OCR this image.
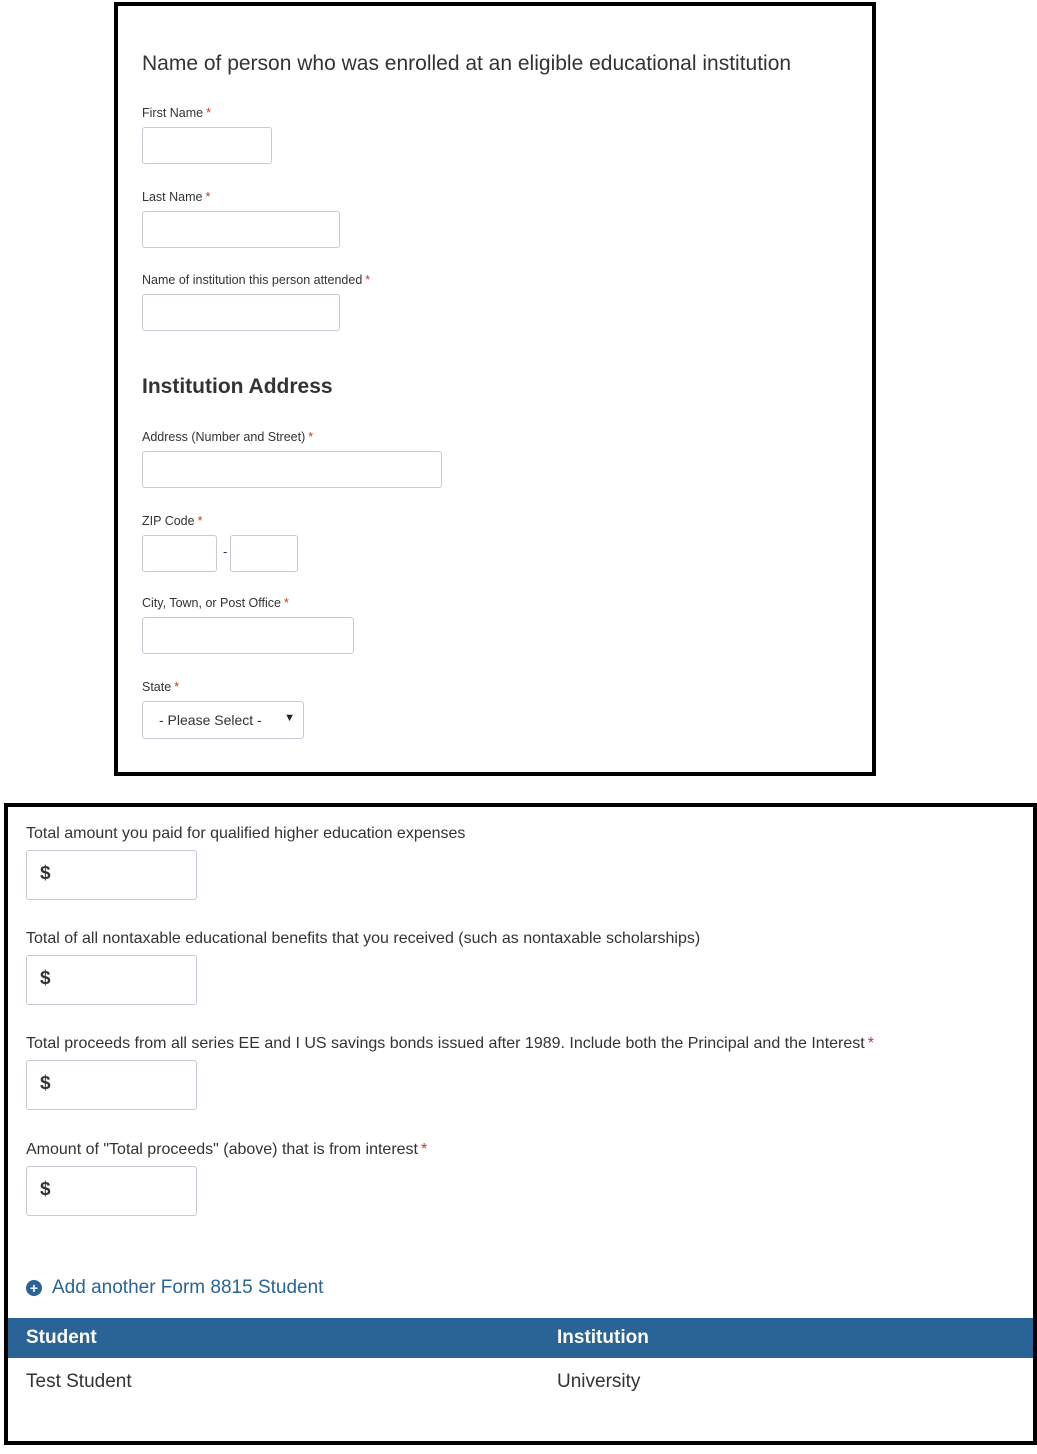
Name of person who was enrolled at an eligible educational institution
First Name *
Last Name *
Name of institution this person attended *
Institution Address
Address (Number and Street) *
ZIP Code *
-
City, Town, or Post Office *
State *
- Please Select - ▼
Total amount you paid for qualified higher education expenses
$
Total of all nontaxable educational benefits that you received (such as nontaxable scholarships)
$
Total proceeds from all series EE and I US savings bonds issued after 1989. Include both the Principal and the Interest *
$
Amount of "Total proceeds" (above) that is from interest *
$
+ Add another Form 8815 Student
Student	Institution
Test Student	University
